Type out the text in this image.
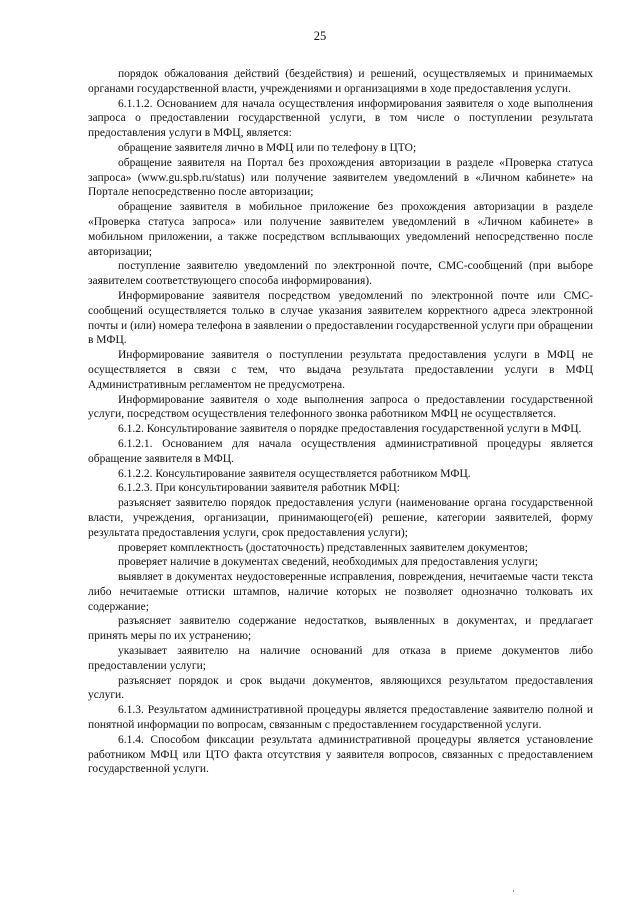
25

порядок обжалования действий (бездействия) и решений, осуществляемых и принимаемых органами государственной власти, учреждениями и организациями в ходе предоставления услуги.

6.1.1.2. Основанием для начала осуществления информирования заявителя о ходе выполнения запроса о предоставлении государственной услуги, в том числе о поступлении результата предоставления услуги в МФЦ, является:

обращение заявителя лично в МФЦ или по телефону в ЦТО;

обращение заявителя на Портал без прохождения авторизации в разделе «Проверка статуса запроса» (www.gu.spb.ru/status) или получение заявителем уведомлений в «Личном кабинете» на Портале непосредственно после авторизации;

обращение заявителя в мобильное приложение без прохождения авторизации в разделе «Проверка статуса запроса» или получение заявителем уведомлений в «Личном кабинете» в мобильном приложении, а также посредством всплывающих уведомлений непосредственно после авторизации;

поступление заявителю уведомлений по электронной почте, СМС-сообщений (при выборе заявителем соответствующего способа информирования).

Информирование заявителя посредством уведомлений по электронной почте или СМС-сообщений осуществляется только в случае указания заявителем корректного адреса электронной почты и (или) номера телефона в заявлении о предоставлении государственной услуги при обращении в МФЦ.

Информирование заявителя о поступлении результата предоставления услуги в МФЦ не осуществляется в связи с тем, что выдача результата предоставлении услуги в МФЦ Административным регламентом не предусмотрена.

Информирование заявителя о ходе выполнения запроса о предоставлении государственной услуги, посредством осуществления телефонного звонка работником МФЦ не осуществляется.

6.1.2. Консультирование заявителя о порядке предоставления государственной услуги в МФЦ.

6.1.2.1. Основанием для начала осуществления административной процедуры является обращение заявителя в МФЦ.

6.1.2.2. Консультирование заявителя осуществляется работником МФЦ.

6.1.2.3. При консультировании заявителя работник МФЦ:

разъясняет заявителю порядок предоставления услуги (наименование органа государственной власти, учреждения, организации, принимающего(ей) решение, категории заявителей, форму результата предоставления услуги, срок предоставления услуги);

проверяет комплектность (достаточность) представленных заявителем документов;

проверяет наличие в документах сведений, необходимых для предоставления услуги;

выявляет в документах неудостоверенные исправления, повреждения, нечитаемые части текста либо нечитаемые оттиски штампов, наличие которых не позволяет однозначно толковать их содержание;

разъясняет заявителю содержание недостатков, выявленных в документах, и предлагает принять меры по их устранению;

указывает заявителю на наличие оснований для отказа в приеме документов либо предоставлении услуги;

разъясняет порядок и срок выдачи документов, являющихся результатом предоставления услуги.

6.1.3. Результатом административной процедуры является предоставление заявителю полной и понятной информации по вопросам, связанным с предоставлением государственной услуги.

6.1.4. Способом фиксации результата административной процедуры является установление работником МФЦ или ЦТО факта отсутствия у заявителя вопросов, связанных с предоставлением государственной услуги.

·
